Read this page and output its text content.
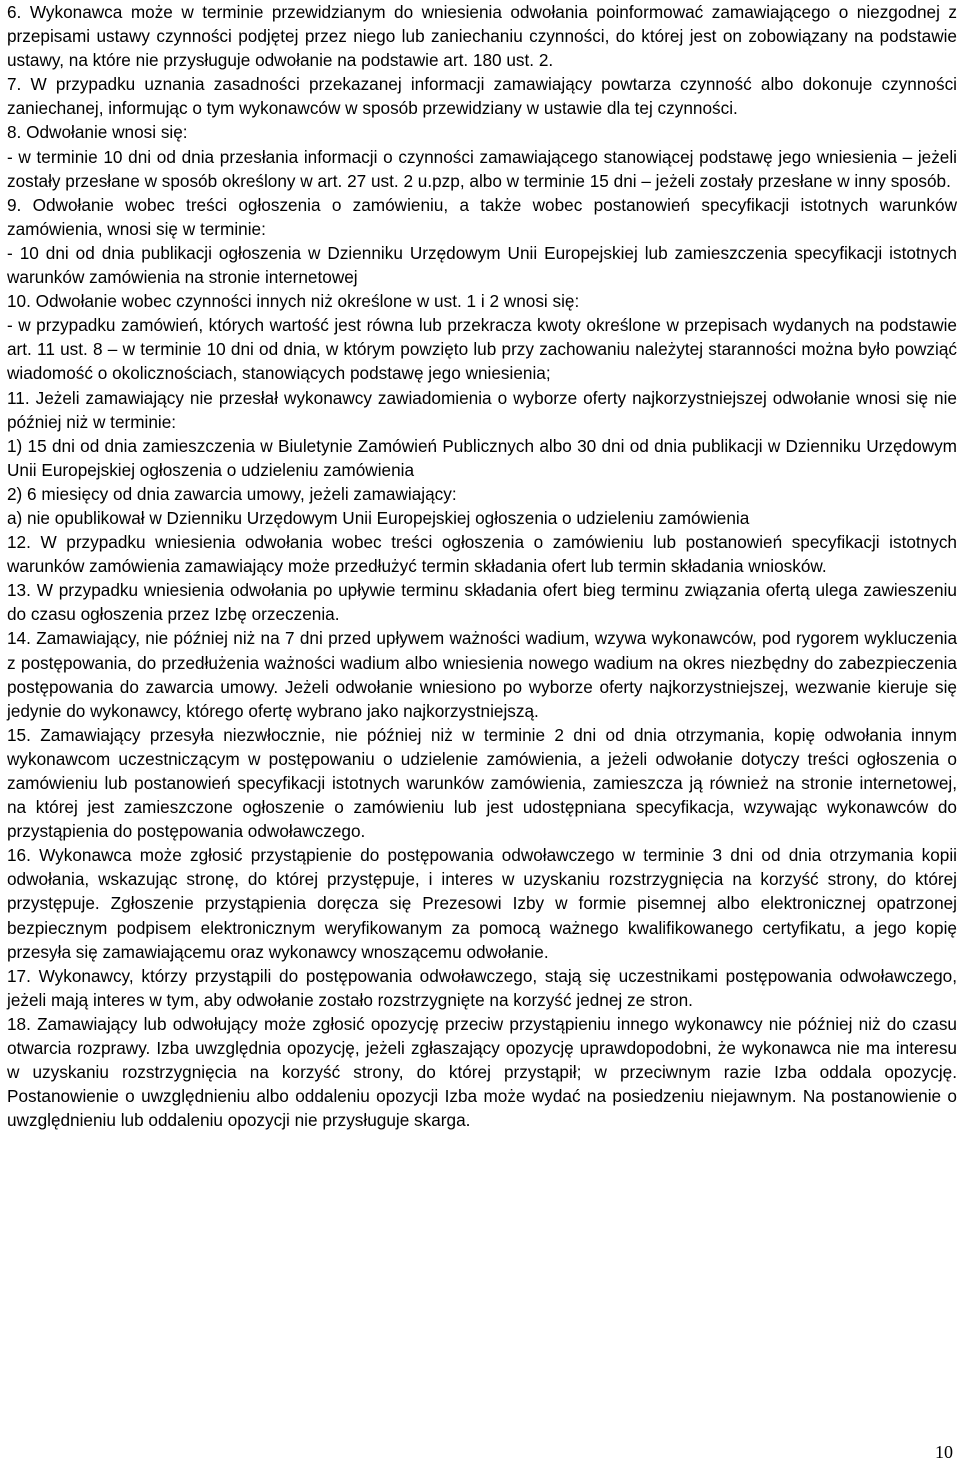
6. Wykonawca może w terminie przewidzianym do wniesienia odwołania poinformować zamawiającego o niezgodnej z przepisami ustawy czynności podjętej przez niego lub zaniechaniu czynności, do której jest on zobowiązany na podstawie ustawy, na które nie przysługuje odwołanie na podstawie art. 180 ust. 2.

7. W przypadku uznania zasadności przekazanej informacji zamawiający powtarza czynność albo dokonuje czynności zaniechanej, informując o tym wykonawców w sposób przewidziany w ustawie dla tej czynności.

8. Odwołanie wnosi się:

- w terminie 10 dni od dnia przesłania informacji o czynności zamawiającego stanowiącej podstawę jego wniesienia – jeżeli zostały przesłane w sposób określony w art. 27 ust. 2 u.pzp, albo w terminie 15 dni – jeżeli zostały przesłane w inny sposób.

9. Odwołanie wobec treści ogłoszenia o zamówieniu, a także wobec postanowień specyfikacji istotnych warunków zamówienia, wnosi się w terminie:

- 10 dni od dnia publikacji ogłoszenia w Dzienniku Urzędowym Unii Europejskiej lub zamieszczenia specyfikacji istotnych warunków zamówienia na stronie internetowej

10. Odwołanie wobec czynności innych niż określone w ust. 1 i 2 wnosi się:

- w przypadku zamówień, których wartość jest równa lub przekracza kwoty określone w przepisach wydanych na podstawie art. 11 ust. 8 – w terminie 10 dni od dnia, w którym powzięto lub przy zachowaniu należytej staranności można było powziąć wiadomość o okolicznościach, stanowiących podstawę jego wniesienia;

11. Jeżeli zamawiający nie przesłał wykonawcy zawiadomienia o wyborze oferty najkorzystniejszej odwołanie wnosi się nie później niż w terminie:

1) 15 dni od dnia zamieszczenia w Biuletynie Zamówień Publicznych albo 30 dni od dnia publikacji w Dzienniku Urzędowym Unii Europejskiej ogłoszenia o udzieleniu zamówienia

2) 6 miesięcy od dnia zawarcia umowy, jeżeli zamawiający:

a) nie opublikował w Dzienniku Urzędowym Unii Europejskiej ogłoszenia o udzieleniu zamówienia

12. W przypadku wniesienia odwołania wobec treści ogłoszenia o zamówieniu lub postanowień specyfikacji istotnych warunków zamówienia zamawiający może przedłużyć termin składania ofert lub termin składania wniosków.

13. W przypadku wniesienia odwołania po upływie terminu składania ofert bieg terminu związania ofertą ulega zawieszeniu do czasu ogłoszenia przez Izbę orzeczenia.

14. Zamawiający, nie później niż na 7 dni przed upływem ważności wadium, wzywa wykonawców, pod rygorem wykluczenia z postępowania, do przedłużenia ważności wadium albo wniesienia nowego wadium na okres niezbędny do zabezpieczenia postępowania do zawarcia umowy. Jeżeli odwołanie wniesiono po wyborze oferty najkorzystniejszej, wezwanie kieruje się jedynie do wykonawcy, którego ofertę wybrano jako najkorzystniejszą.

15. Zamawiający przesyła niezwłocznie, nie później niż w terminie 2 dni od dnia otrzymania, kopię odwołania innym wykonawcom uczestniczącym w postępowaniu o udzielenie zamówienia, a jeżeli odwołanie dotyczy treści ogłoszenia o zamówieniu lub postanowień specyfikacji istotnych warunków zamówienia, zamieszcza ją również na stronie internetowej, na której jest zamieszczone ogłoszenie o zamówieniu lub jest udostępniana specyfikacja, wzywając wykonawców do przystąpienia do postępowania odwoławczego.

16. Wykonawca może zgłosić przystąpienie do postępowania odwoławczego w terminie 3 dni od dnia otrzymania kopii odwołania, wskazując stronę, do której przystępuje, i interes w uzyskaniu rozstrzygnięcia na korzyść strony, do której przystępuje. Zgłoszenie przystąpienia doręcza się Prezesowi Izby w formie pisemnej albo elektronicznej opatrzonej bezpiecznym podpisem elektronicznym weryfikowanym za pomocą ważnego kwalifikowanego certyfikatu, a jego kopię przesyła się zamawiającemu oraz wykonawcy wnoszącemu odwołanie.

17. Wykonawcy, którzy przystąpili do postępowania odwoławczego, stają się uczestnikami postępowania odwoławczego, jeżeli mają interes w tym, aby odwołanie zostało rozstrzygnięte na korzyść jednej ze stron.

18. Zamawiający lub odwołujący może zgłosić opozycję przeciw przystąpieniu innego wykonawcy nie później niż do czasu otwarcia rozprawy. Izba uwzględnia opozycję, jeżeli zgłaszający opozycję uprawdopodobni, że wykonawca nie ma interesu w uzyskaniu rozstrzygnięcia na korzyść strony, do której przystąpił; w przeciwnym razie Izba oddala opozycję. Postanowienie o uwzględnieniu albo oddaleniu opozycji Izba może wydać na posiedzeniu niejawnym. Na postanowienie o uwzględnieniu lub oddaleniu opozycji nie przysługuje skarga.

10
